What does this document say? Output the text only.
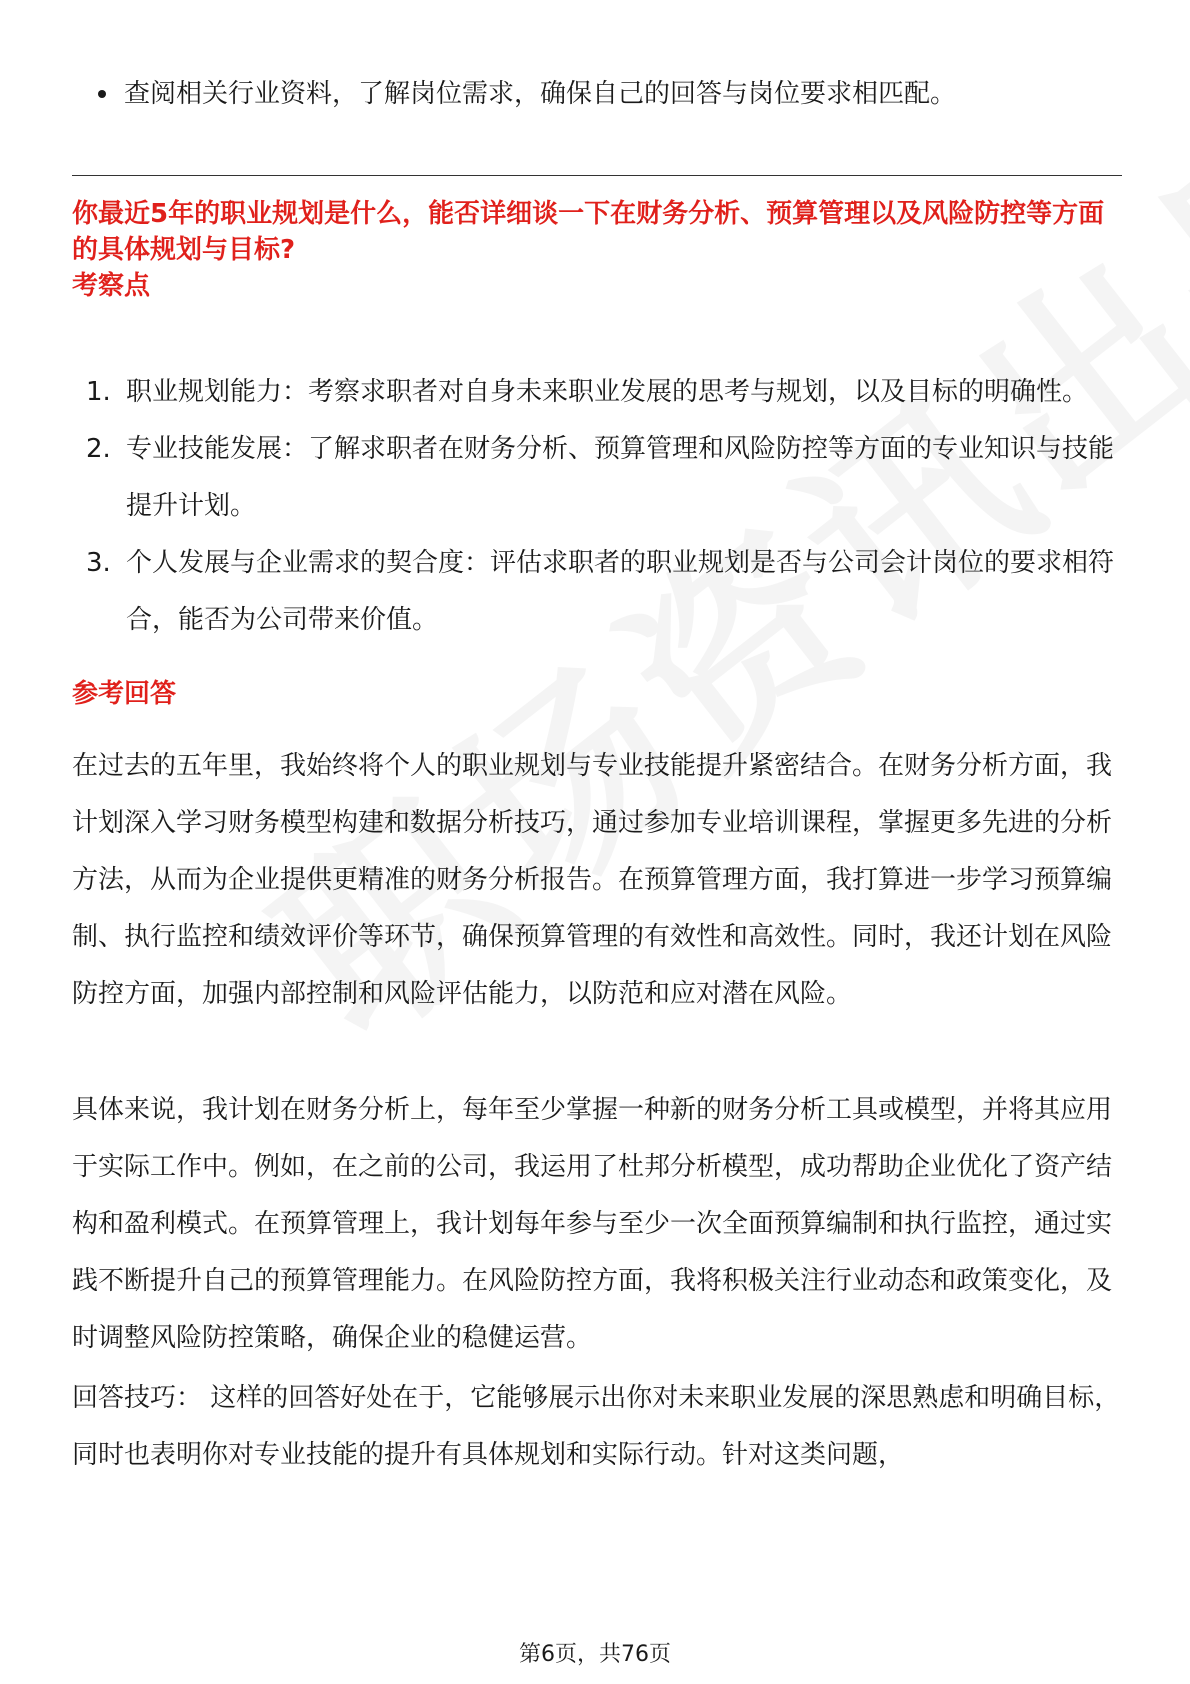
查阅相关行业资料，了解岗位需求，确保自己的回答与岗位要求相匹配。
你最近5年的职业规划是什么，能否详细谈一下在财务分析、预算管理以及风险防控等方面的具体规划与目标?
考察点
1. 职业规划能力：考察求职者对自身未来职业发展的思考与规划，以及目标的明确性。
2. 专业技能发展：了解求职者在财务分析、预算管理和风险防控等方面的专业知识与技能提升计划。
3. 个人发展与企业需求的契合度：评估求职者的职业规划是否与公司会计岗位的要求相符合，能否为公司带来价值。
参考回答
在过去的五年里，我始终将个人的职业规划与专业技能提升紧密结合。在财务分析方面，我计划深入学习财务模型构建和数据分析技巧，通过参加专业培训课程，掌握更多先进的分析方法，从而为企业提供更精准的财务分析报告。在预算管理方面，我打算进一步学习预算编制、执行监控和绩效评价等环节，确保预算管理的有效性和高效性。同时，我还计划在风险防控方面，加强内部控制和风险评估能力，以防范和应对潜在风险。
具体来说，我计划在财务分析上，每年至少掌握一种新的财务分析工具或模型，并将其应用于实际工作中。例如，在之前的公司，我运用了杜邦分析模型，成功帮助企业优化了资产结构和盈利模式。在预算管理上，我计划每年参与至少一次全面预算编制和执行监控，通过实践不断提升自己的预算管理能力。在风险防控方面，我将积极关注行业动态和政策变化，及时调整风险防控策略，确保企业的稳健运营。
回答技巧： 这样的回答好处在于，它能够展示出你对未来职业发展的深思熟虑和明确目标，同时也表明你对专业技能的提升有具体规划和实际行动。针对这类问题，
第6页，共76页
